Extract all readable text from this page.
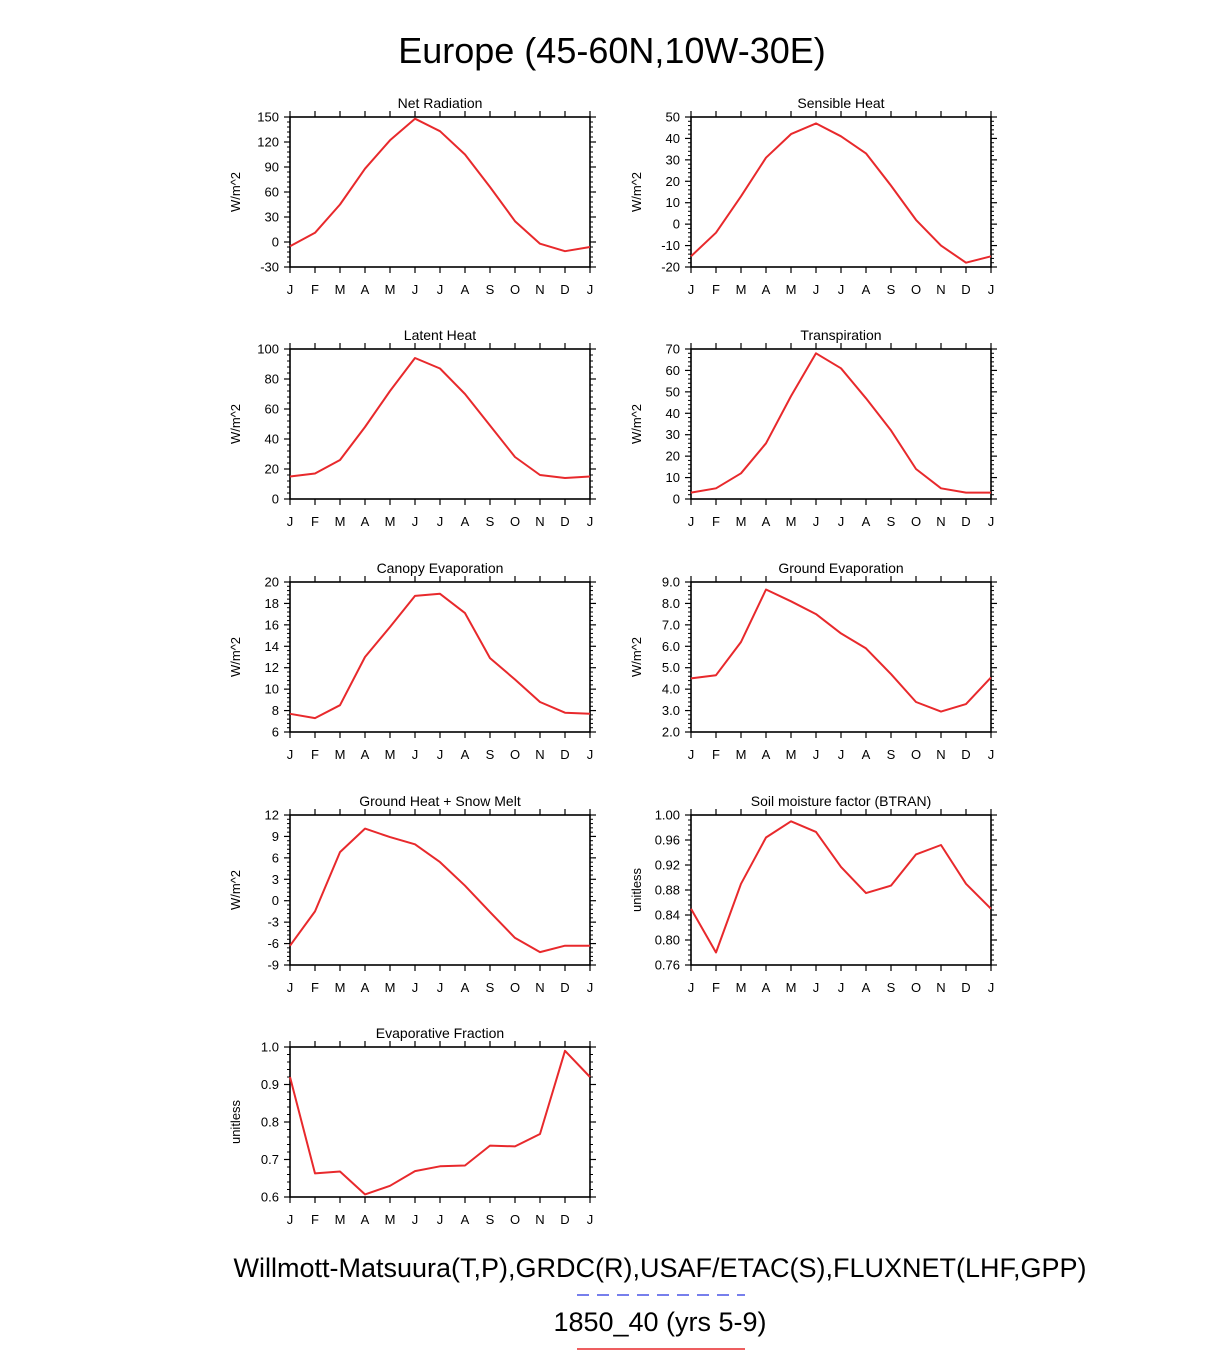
Europe (45-60N,10W-30E)
Net Radiation
-30
0
30
60
90
120
150
J F M A M J J A S O N D J
W/m^2
Sensible Heat
-20
-10
0
10
20
30
40
50
J F M A M J J A S O N D J
W/m^2
Latent Heat
0
20
40
60
80
100
J F M A M J J A S O N D J
W/m^2
Transpiration
0
10
20
30
40
50
60
70
J F M A M J J A S O N D J
W/m^2
Canopy Evaporation
6
8
10
12
14
16
18
20
J F M A M J J A S O N D J
W/m^2
Ground Evaporation
2.0
3.0
4.0
5.0
6.0
7.0
8.0
9.0
J F M A M J J A S O N D J
W/m^2
Ground Heat + Snow Melt
-9
-6
-3
0
3
6
9
12
J F M A M J J A S O N D J
W/m^2
Soil moisture factor (BTRAN)
0.76
0.80
0.84
0.88
0.92
0.96
1.00
J F M A M J J A S O N D J
unitless
Evaporative Fraction
0.6
0.7
0.8
0.9
1.0
J F M A M J J A S O N D J
unitless
Willmott-Matsuura(T,P),GRDC(R),USAF/ETAC(S),FLUXNET(LHF,GPP)
1850_40 (yrs 5-9)
